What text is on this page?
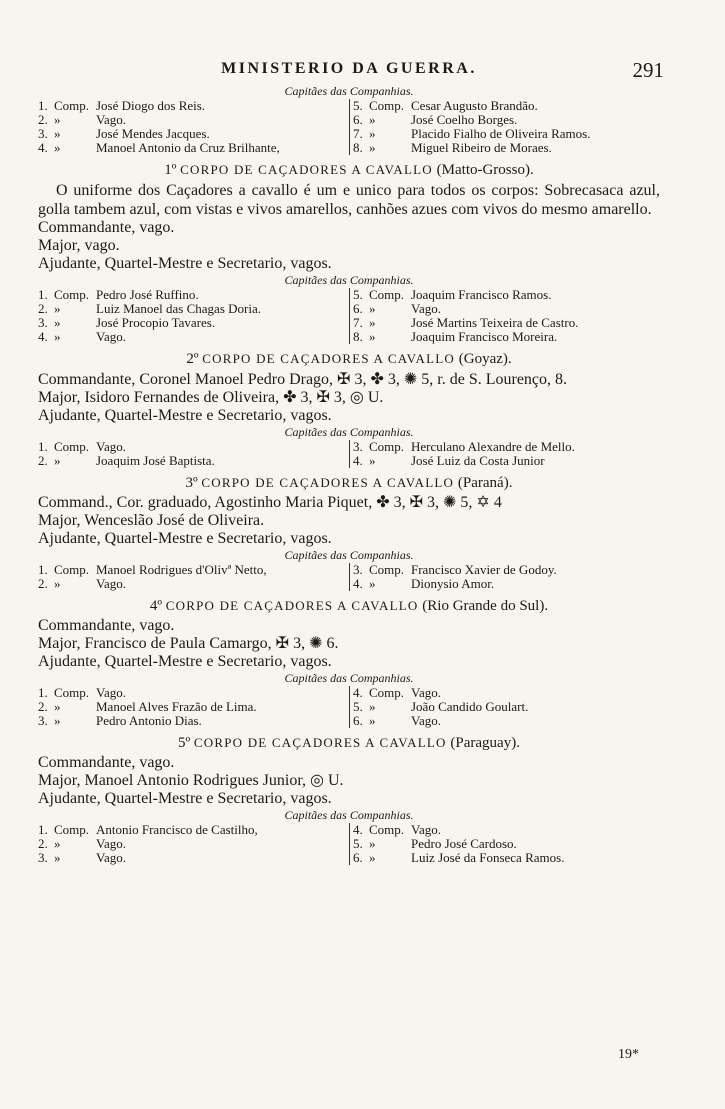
MINISTERIO DA GUERRA.	291
Capitães das Companhias.
1. Comp. José Diogo dos Reis.
2. »	Vago.
3. »	José Mendes Jacques.
4. »	Manoel Antonio da Cruz Brilhante,
5. Comp. Cesar Augusto Brandão.
6. »	José Coelho Borges.
7. »	Placido Fialho de Oliveira Ramos.
8. »	Miguel Ribeiro de Moraes.
1º CORPO DE CAÇADORES A CAVALLO (Matto-Grosso).
O uniforme dos Caçadores a cavallo é um e unico para todos os corpos: Sobrecasaca azul, golla tambem azul, com vistas e vivos amarellos, canhões azues com vivos do mesmo amarello.
Commandante, vago.
Major, vago.
Ajudante, Quartel-Mestre e Secretario, vagos.
Capitães das Companhias.
1. Comp. Pedro José Ruffino.
2. »	Luiz Manoel das Chagas Doria.
3. »	José Procopio Tavares.
4. »	Vago.
5. Comp. Joaquim Francisco Ramos.
6. »	Vago.
7. »	José Martins Teixeira de Castro.
8. »	Joaquim Francisco Moreira.
2º CORPO DE CAÇADORES A CAVALLO (Goyaz).
Commandante, Coronel Manoel Pedro Drago, ✠ 3, ✤ 3, ✺ 5, r. de S. Lourenço, 8.
Major, Isidoro Fernandes de Oliveira, ✤ 3, ✠ 3, ◎ U.
Ajudante, Quartel-Mestre e Secretario, vagos.
Capitães das Companhias.
1. Comp. Vago.
2. »	Joaquim José Baptista.
3. Comp. Herculano Alexandre de Mello.
4. »	José Luiz da Costa Junior
3º CORPO DE CAÇADORES A CAVALLO (Paraná).
Command., Cor. graduado, Agostinho Maria Piquet, ✤ 3, ✠ 3, ✺ 5, ✡ 4
Major, Wenceslão José de Oliveira.
Ajudante, Quartel-Mestre e Secretario, vagos.
Capitães das Companhias.
1. Comp. Manoel Rodrigues d'Olivª Netto,
2. »	Vago.
3. Comp. Francisco Xavier de Godoy.
4. »	Dionysio Amor.
4º CORPO DE CAÇADORES A CAVALLO (Rio Grande do Sul).
Commandante, vago.
Major, Francisco de Paula Camargo, ✠ 3, ✺ 6.
Ajudante, Quartel-Mestre e Secretario, vagos.
Capitães das Companhias.
1. Comp. Vago.
2. »	Manoel Alves Frazão de Lima.
3. »	Pedro Antonio Dias.
4. Comp. Vago.
5. »	João Candido Goulart.
6. »	Vago.
5º CORPO DE CAÇADORES A CAVALLO (Paraguay).
Commandante, vago.
Major, Manoel Antonio Rodrigues Junior, ◎ U.
Ajudante, Quartel-Mestre e Secretario, vagos.
Capitães das Companhias.
1. Comp. Antonio Francisco de Castilho,
2. »	Vago.
3. »	Vago.
4. Comp. Vago.
5. »	Pedro José Cardoso.
6. »	Luiz José da Fonseca Ramos.
19*
